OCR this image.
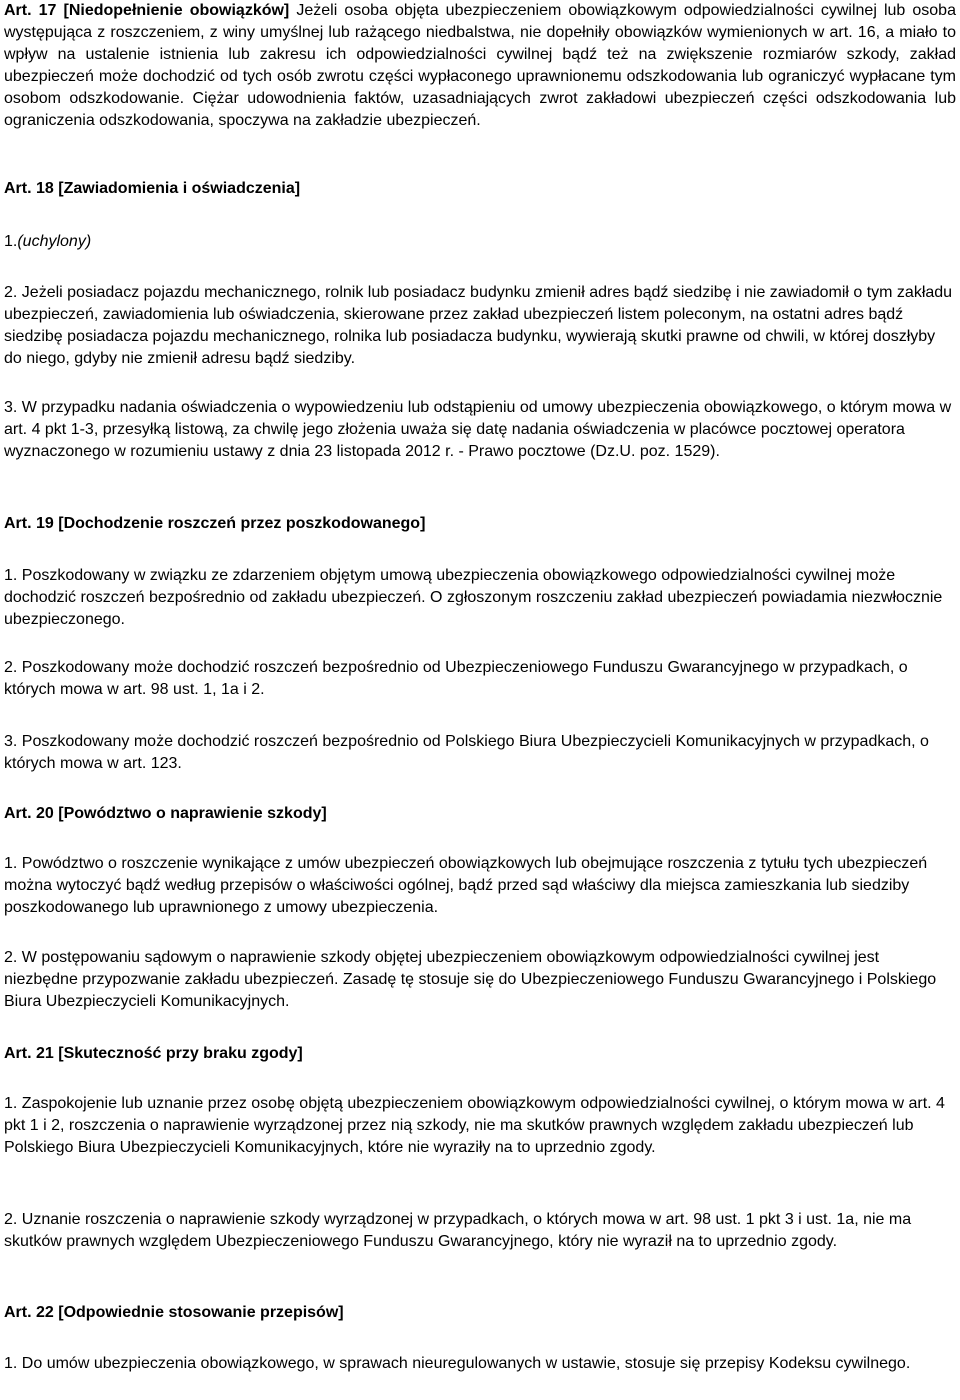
Art. 17 [Niedopełnienie obowiązków] Jeżeli osoba objęta ubezpieczeniem obowiązkowym odpowiedzialności cywilnej lub osoba występująca z roszczeniem, z winy umyślnej lub rażącego niedbalstwa, nie dopełniły obowiązków wymienionych w art. 16, a miało to wpływ na ustalenie istnienia lub zakresu ich odpowiedzialności cywilnej bądź też na zwiększenie rozmiarów szkody, zakład ubezpieczeń może dochodzić od tych osób zwrotu części wypłaconego uprawnionemu odszkodowania lub ograniczyć wypłacane tym osobom odszkodowanie. Ciężar udowodnienia faktów, uzasadniających zwrot zakładowi ubezpieczeń części odszkodowania lub ograniczenia odszkodowania, spoczywa na zakładzie ubezpieczeń.

Art. 18 [Zawiadomienia i oświadczenia]

1.(uchylony)

2. Jeżeli posiadacz pojazdu mechanicznego, rolnik lub posiadacz budynku zmienił adres bądź siedzibę i nie zawiadomił o tym zakładu ubezpieczeń, zawiadomienia lub oświadczenia, skierowane przez zakład ubezpieczeń listem poleconym, na ostatni adres bądź siedzibę posiadacza pojazdu mechanicznego, rolnika lub posiadacza budynku, wywierają skutki prawne od chwili, w której doszłyby do niego, gdyby nie zmienił adresu bądź siedziby.

3. W przypadku nadania oświadczenia o wypowiedzeniu lub odstąpieniu od umowy ubezpieczenia obowiązkowego, o którym mowa w art. 4 pkt 1-3, przesyłką listową, za chwilę jego złożenia uważa się datę nadania oświadczenia w placówce pocztowej operatora wyznaczonego w rozumieniu ustawy z dnia 23 listopada 2012 r. - Prawo pocztowe (Dz.U. poz. 1529).

Art. 19 [Dochodzenie roszczeń przez poszkodowanego]

1. Poszkodowany w związku ze zdarzeniem objętym umową ubezpieczenia obowiązkowego odpowiedzialności cywilnej może dochodzić roszczeń bezpośrednio od zakładu ubezpieczeń. O zgłoszonym roszczeniu zakład ubezpieczeń powiadamia niezwłocznie ubezpieczonego.

2. Poszkodowany może dochodzić roszczeń bezpośrednio od Ubezpieczeniowego Funduszu Gwarancyjnego w przypadkach, o których mowa w art. 98 ust. 1, 1a i 2.

3. Poszkodowany może dochodzić roszczeń bezpośrednio od Polskiego Biura Ubezpieczycieli Komunikacyjnych w przypadkach, o których mowa w art. 123.

Art. 20 [Powództwo o naprawienie szkody]

1. Powództwo o roszczenie wynikające z umów ubezpieczeń obowiązkowych lub obejmujące roszczenia z tytułu tych ubezpieczeń można wytoczyć bądź według przepisów o właściwości ogólnej, bądź przed sąd właściwy dla miejsca zamieszkania lub siedziby poszkodowanego lub uprawnionego z umowy ubezpieczenia.

2. W postępowaniu sądowym o naprawienie szkody objętej ubezpieczeniem obowiązkowym odpowiedzialności cywilnej jest niezbędne przypozwanie zakładu ubezpieczeń. Zasadę tę stosuje się do Ubezpieczeniowego Funduszu Gwarancyjnego i Polskiego Biura Ubezpieczycieli Komunikacyjnych.

Art. 21 [Skuteczność przy braku zgody]

1. Zaspokojenie lub uznanie przez osobę objętą ubezpieczeniem obowiązkowym odpowiedzialności cywilnej, o którym mowa w art. 4 pkt 1 i 2, roszczenia o naprawienie wyrządzonej przez nią szkody, nie ma skutków prawnych względem zakładu ubezpieczeń lub Polskiego Biura Ubezpieczycieli Komunikacyjnych, które nie wyraziły na to uprzednio zgody.

2. Uznanie roszczenia o naprawienie szkody wyrządzonej w przypadkach, o których mowa w art. 98 ust. 1 pkt 3 i ust. 1a, nie ma skutków prawnych względem Ubezpieczeniowego Funduszu Gwarancyjnego, który nie wyraził na to uprzednio zgody.

Art. 22 [Odpowiednie stosowanie przepisów]

1. Do umów ubezpieczenia obowiązkowego, w sprawach nieuregulowanych w ustawie, stosuje się przepisy Kodeksu cywilnego.
